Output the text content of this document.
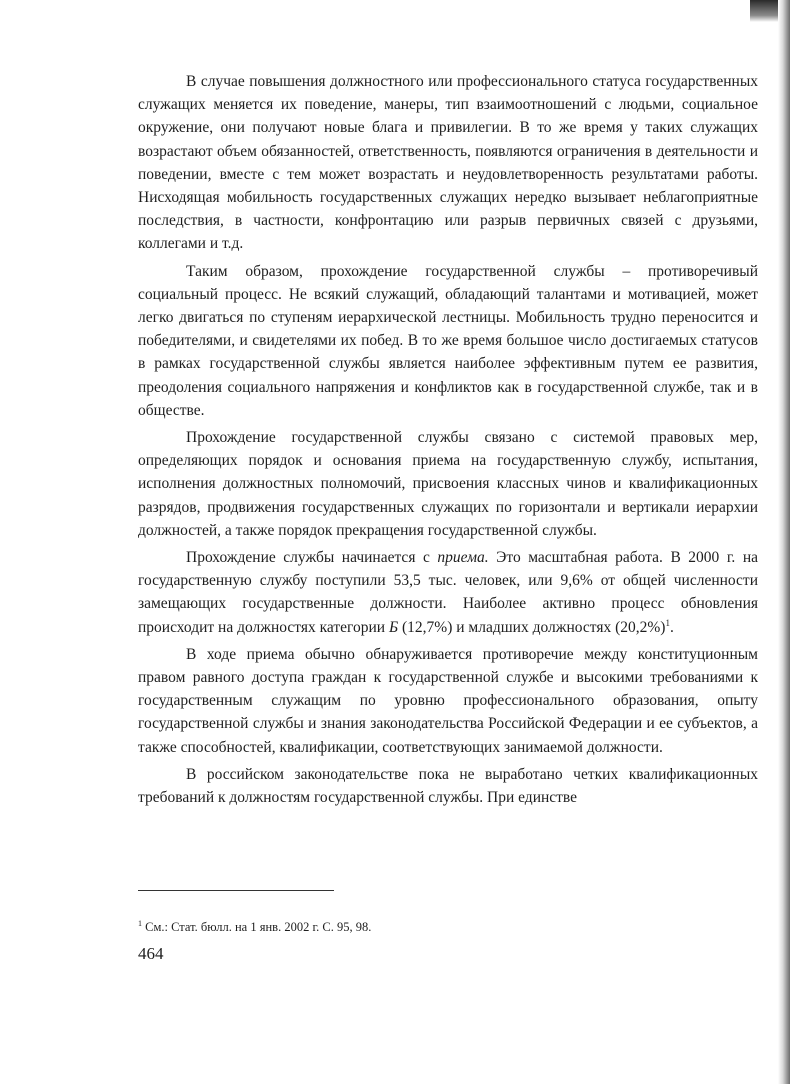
В случае повышения должностного или профессионального статуса государственных служащих меняется их поведение, манеры, тип взаимоотношений с людьми, социальное окружение, они получают новые блага и привилегии. В то же время у таких служащих возрастают объем обязанностей, ответственность, появляются ограничения в деятельности и поведении, вместе с тем может возрастать и неудовлетворенность результатами работы. Нисходящая мобильность государственных служащих нередко вызывает неблагоприятные последствия, в частности, конфронтацию или разрыв первичных связей с друзьями, коллегами и т.д.

Таким образом, прохождение государственной службы – противоречивый социальный процесс. Не всякий служащий, обладающий талантами и мотивацией, может легко двигаться по ступеням иерархической лестницы. Мобильность трудно переносится и победителями, и свидетелями их побед. В то же время большое число достигаемых статусов в рамках государственной службы является наиболее эффективным путем ее развития, преодоления социального напряжения и конфликтов как в государственной службе, так и в обществе.

Прохождение государственной службы связано с системой правовых мер, определяющих порядок и основания приема на государственную службу, испытания, исполнения должностных полномочий, присвоения классных чинов и квалификационных разрядов, продвижения государственных служащих по горизонтали и вертикали иерархии должностей, а также порядок прекращения государственной службы.

Прохождение службы начинается с приема. Это масштабная работа. В 2000 г. на государственную службу поступили 53,5 тыс. человек, или 9,6% от общей численности замещающих государственные должности. Наиболее активно процесс обновления происходит на должностях категории Б (12,7%) и младших должностях (20,2%)$^1$.

В ходе приема обычно обнаруживается противоречие между конституционным правом равного доступа граждан к государственной службе и высокими требованиями к государственным служащим по уровню профессионального образования, опыту государственной службы и знания законодательства Российской Федерации и ее субъектов, а также способностей, квалификации, соответствующих занимаемой должности.

В российском законодательстве пока не выработано четких квалификационных требований к должностям государственной службы. При единстве

$^1$ См.: Стат. бюлл. на 1 янв. 2002 г. С. 95, 98.
464
